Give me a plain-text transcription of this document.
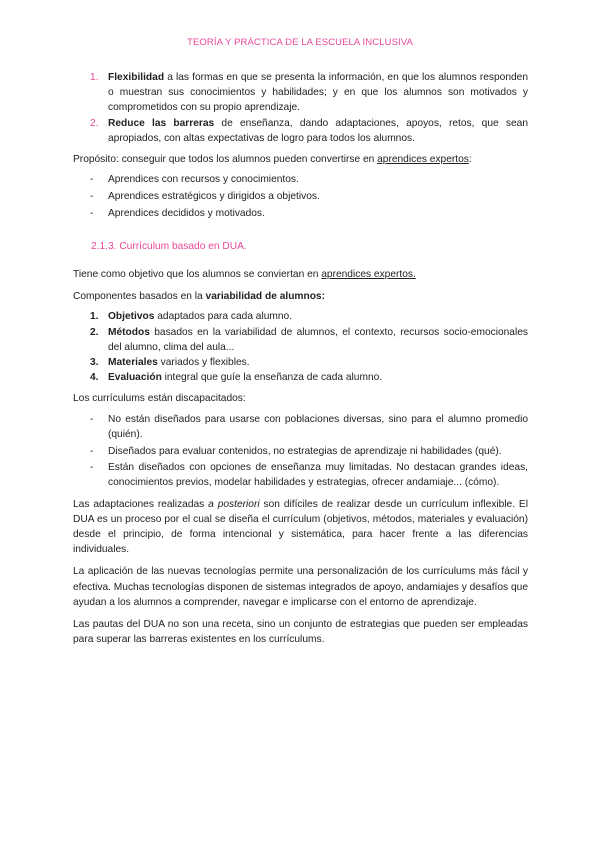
TEORÍA Y PRÁCTICA DE LA ESCUELA INCLUSIVA
1. Flexibilidad a las formas en que se presenta la información, en que los alumnos responden o muestran sus conocimientos y habilidades; y en que los alumnos son motivados y comprometidos con su propio aprendizaje.
2. Reduce las barreras de enseñanza, dando adaptaciones, apoyos, retos, que sean apropiados, con altas expectativas de logro para todos los alumnos.

Propósito: conseguir que todos los alumnos pueden convertirse en aprendices expertos:

- Aprendices con recursos y conocimientos.
- Aprendices estratégicos y dirigidos a objetivos.
- Aprendices decididos y motivados.
2.1.3. Currículum basado en DUA.

Tiene como objetivo que los alumnos se conviertan en aprendices expertos.

Componentes basados en la variabilidad de alumnos:

1. Objetivos adaptados para cada alumno.
2. Métodos basados en la variabilidad de alumnos, el contexto, recursos socio-emocionales del alumno, clima del aula...
3. Materiales variados y flexibles.
4. Evaluación integral que guíe la enseñanza de cada alumno.

Los currículums están discapacitados:

- No están diseñados para usarse con poblaciones diversas, sino para el alumno promedio (quién).
- Diseñados para evaluar contenidos, no estrategias de aprendizaje ni habilidades (qué).
- Están diseñados con opciones de enseñanza muy limitadas. No destacan grandes ideas, conocimientos previos, modelar habilidades y estrategias, ofrecer andamiaje... (cómo).

Las adaptaciones realizadas a posteriori son difíciles de realizar desde un currículum inflexible. El DUA es un proceso por el cual se diseña el currículum (objetivos, métodos, materiales y evaluación) desde el principio, de forma intencional y sistemática, para hacer frente a las diferencias individuales.

La aplicación de las nuevas tecnologías permite una personalización de los currículums más fácil y efectiva. Muchas tecnologías disponen de sistemas integrados de apoyo, andamiajes y desafíos que ayudan a los alumnos a comprender, navegar e implicarse con el entorno de aprendizaje.

Las pautas del DUA no son una receta, sino un conjunto de estrategias que pueden ser empleadas para superar las barreras existentes en los currículums.
